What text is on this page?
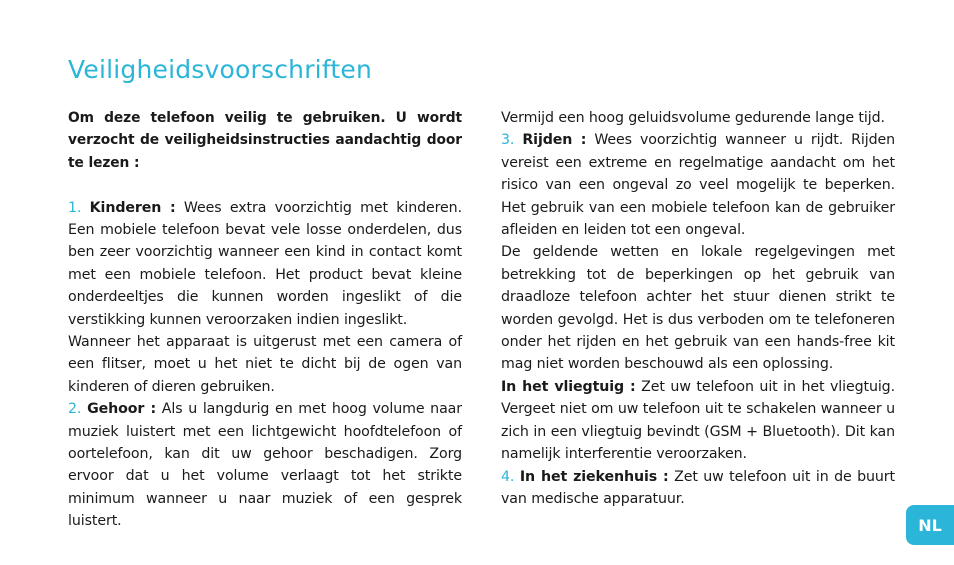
Veiligheidsvoorschriften

Om deze telefoon veilig te gebruiken. U wordt verzocht de veiligheidsinstructies aandachtig door te lezen :

1. Kinderen : Wees extra voorzichtig met kinderen. Een mobiele telefoon bevat vele losse onderdelen, dus ben zeer voorzichtig wanneer een kind in contact komt met een mobiele telefoon. Het product bevat kleine onderdeeltjes die kunnen worden ingeslikt of die verstikking kunnen veroorzaken indien ingeslikt.

Wanneer het apparaat is uitgerust met een camera of een flitser, moet u het niet te dicht bij de ogen van kinderen of dieren gebruiken.

2. Gehoor : Als u langdurig en met hoog volume naar muziek luistert met een lichtgewicht hoofdtelefoon of oortelefoon, kan dit uw gehoor beschadigen. Zorg ervoor dat u het volume verlaagt tot het strikte minimum wanneer u naar muziek of een gesprek luistert.

Vermijd een hoog geluidsvolume gedurende lange tijd.

3. Rijden : Wees voorzichtig wanneer u rijdt. Rijden vereist een extreme en regelmatige aandacht om het risico van een ongeval zo veel mogelijk te beperken. Het gebruik van een mobiele telefoon kan de gebruiker afleiden en leiden tot een ongeval.

De geldende wetten en lokale regelgevingen met betrekking tot de beperkingen op het gebruik van draadloze telefoon achter het stuur dienen strikt te worden gevolgd. Het is dus verboden om te telefoneren onder het rijden en het gebruik van een hands-free kit mag niet worden beschouwd als een oplossing.

In het vliegtuig : Zet uw telefoon uit in het vliegtuig. Vergeet niet om uw telefoon uit te schakelen wanneer u zich in een vliegtuig bevindt (GSM + Bluetooth). Dit kan namelijk interferentie veroorzaken.

4. In het ziekenhuis : Zet uw telefoon uit in de buurt van medische apparatuur.

NL
